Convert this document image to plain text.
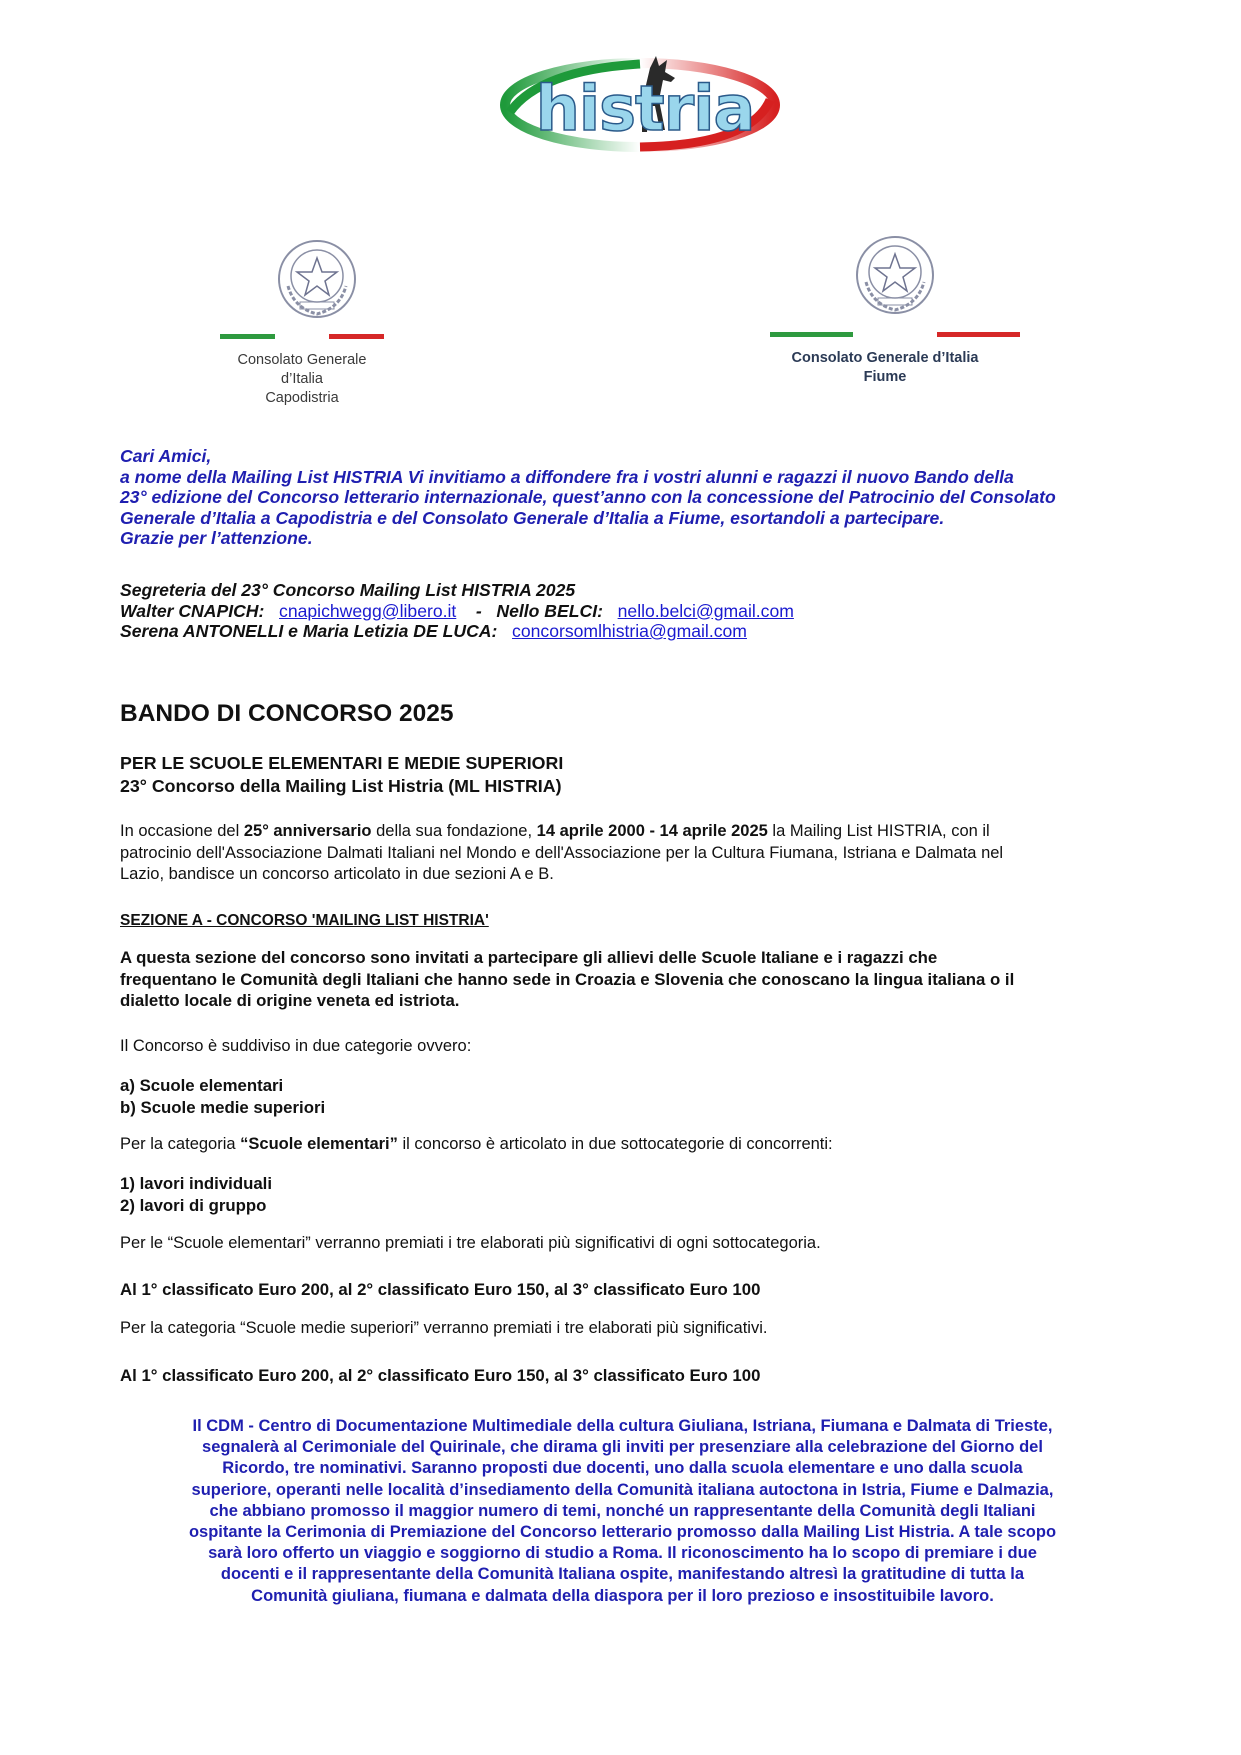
histria
Consolato Generale d’Italia
Capodistria
Consolato Generale d’Italia
Fiume

Cari Amici,

a nome della Mailing List HISTRIA Vi invitiamo a diffondere fra i vostri alunni e ragazzi il nuovo Bando della

23° edizione del Concorso letterario internazionale, quest’anno con la concessione del Patrocinio del Consolato

Generale d’Italia a Capodistria e del Consolato Generale d’Italia a Fiume, esortandoli a partecipare.

Grazie per l’attenzione.

Segreteria del 23° Concorso Mailing List HISTRIA 2025

Walter CNAPICH: cnapichwegg@libero.it - Nello BELCI: nello.belci@gmail.com

Serena ANTONELLI e Maria Letizia DE LUCA: concorsomlhistria@gmail.com

BANDO DI CONCORSO 2025
PER LE SCUOLE ELEMENTARI E MEDIE SUPERIORI
23° Concorso della Mailing List Histria (ML HISTRIA)
In occasione del 25° anniversario della sua fondazione, 14 aprile 2000 - 14 aprile 2025 la Mailing List HISTRIA, con il
patrocinio dell'Associazione Dalmati Italiani nel Mondo e dell'Associazione per la Cultura Fiumana, Istriana e Dalmata nel
Lazio, bandisce un concorso articolato in due sezioni A e B.
SEZIONE A - CONCORSO 'MAILING LIST HISTRIA'
A questa sezione del concorso sono invitati a partecipare gli allievi delle Scuole Italiane e i ragazzi che
frequentano le Comunità degli Italiani che hanno sede in Croazia e Slovenia che conoscano la lingua italiana o il
dialetto locale di origine veneta ed istriota.
Il Concorso è suddiviso in due categorie ovvero:
a) Scuole elementari
b) Scuole medie superiori
Per la categoria “Scuole elementari” il concorso è articolato in due sottocategorie di concorrenti:
1) lavori individuali
2) lavori di gruppo
Per le “Scuole elementari” verranno premiati i tre elaborati più significativi di ogni sottocategoria.
Al 1° classificato Euro 200, al 2° classificato Euro 150, al 3° classificato Euro 100
Per la categoria “Scuole medie superiori” verranno premiati i tre elaborati più significativi.
Al 1° classificato Euro 200, al 2° classificato Euro 150, al 3° classificato Euro 100

Il CDM - Centro di Documentazione Multimediale della cultura Giuliana, Istriana, Fiumana e Dalmata di Trieste,

segnalerà al Cerimoniale del Quirinale, che dirama gli inviti per presenziare alla celebrazione del Giorno del

Ricordo, tre nominativi. Saranno proposti due docenti, uno dalla scuola elementare e uno dalla scuola

superiore, operanti nelle località d’insediamento della Comunità italiana autoctona in Istria, Fiume e Dalmazia,

che abbiano promosso il maggior numero di temi, nonché un rappresentante della Comunità degli Italiani

ospitante la Cerimonia di Premiazione del Concorso letterario promosso dalla Mailing List Histria. A tale scopo

sarà loro offerto un viaggio e soggiorno di studio a Roma. Il riconoscimento ha lo scopo di premiare i due

docenti e il rappresentante della Comunità Italiana ospite, manifestando altresì la gratitudine di tutta la

Comunità giuliana, fiumana e dalmata della diaspora per il loro prezioso e insostituibile lavoro.
